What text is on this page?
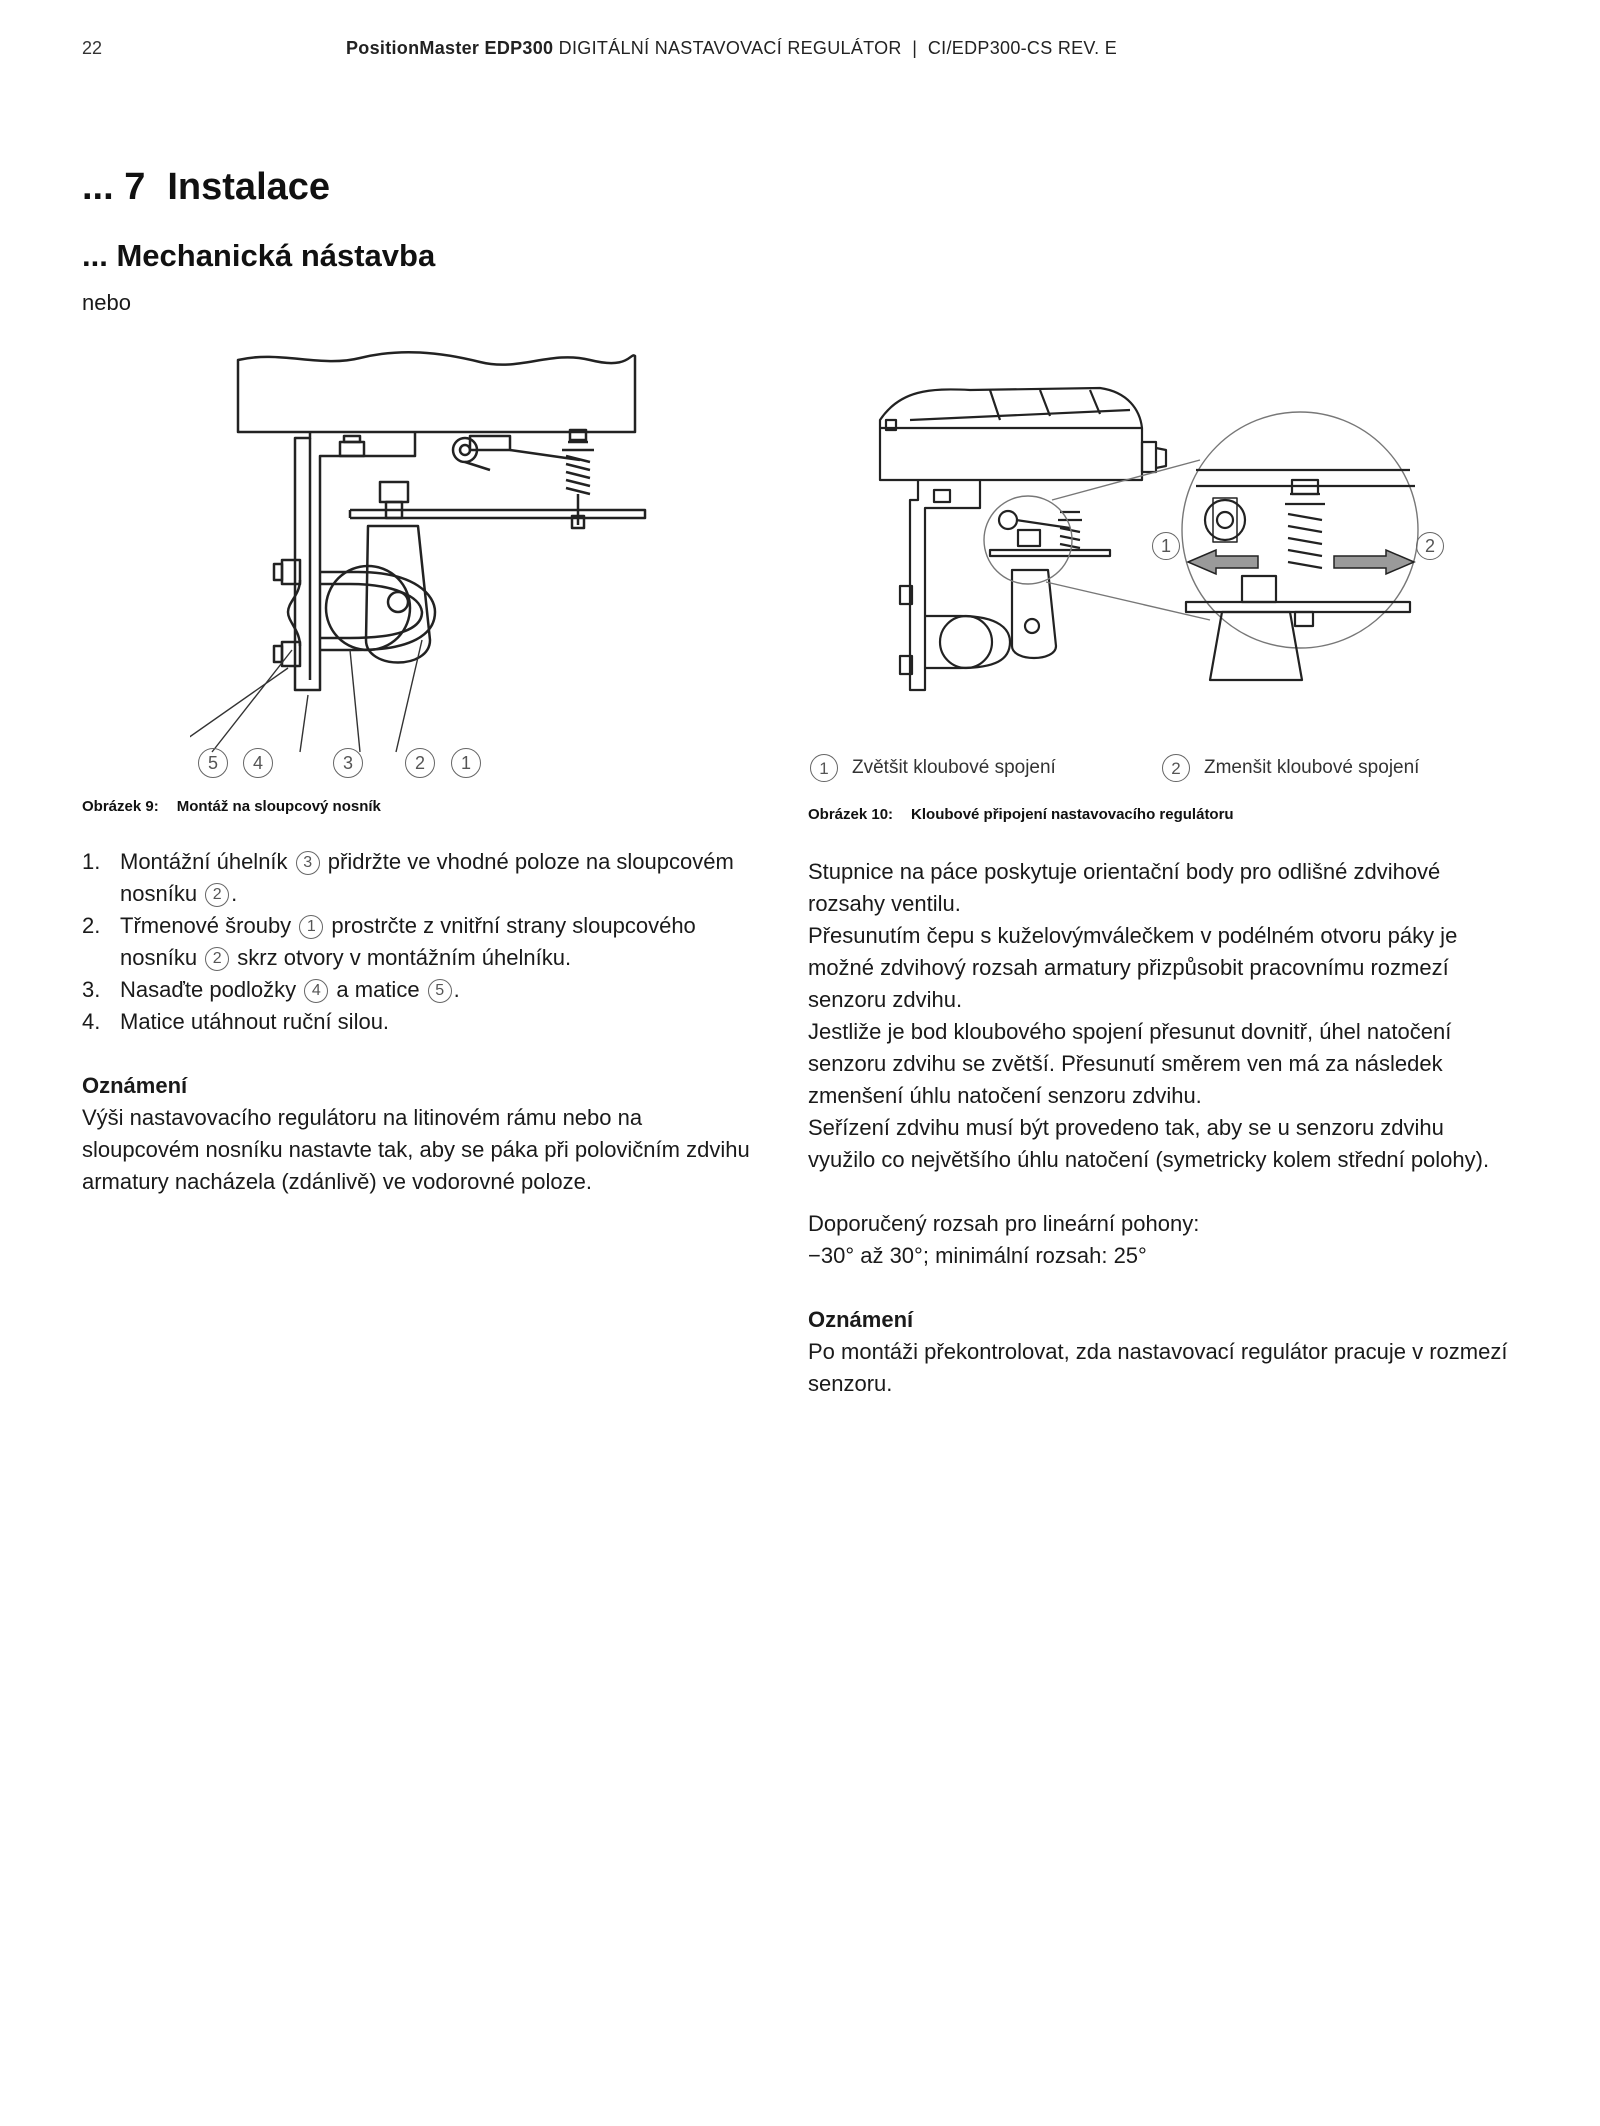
22	PositionMaster EDP300 DIGITÁLNÍ NASTAVOVACÍ REGULÁTOR  |  CI/EDP300-CS REV. E
... 7 Instalace
... Mechanická nástavba
nebo
5	4	3	2	1
Obrázek 9: Montáž na sloupcový nosník
1	2
1	Zvětšit kloubové spojení	2	Zmenšit kloubové spojení
Obrázek 10: Kloubové připojení nastavovacího regulátoru
1. Montážní úhelník 3 přidržte ve vhodné poloze na sloupcovém nosníku 2 .
2. Třmenové šrouby 1 prostrčte z vnitřní strany sloupcového nosníku 2 skrz otvory v montážním úhelníku.
3. Nasaďte podložky 4 a matice 5 .
4. Matice utáhnout ruční silou.
Oznámení
Výši nastavovacího regulátoru na litinovém rámu nebo na sloupcovém nosníku nastavte tak, aby se páka při polovičním zdvihu armatury nacházela (zdánlivě) ve vodorovné poloze.
Stupnice na páce poskytuje orientační body pro odlišné zdvihové rozsahy ventilu.
Přesunutím čepu s kuželovýmválečkem v podélném otvoru páky je možné zdvihový rozsah armatury přizpůsobit pracovnímu rozmezí senzoru zdvihu.
Jestliže je bod kloubového spojení přesunut dovnitř, úhel natočení senzoru zdvihu se zvětší. Přesunutí směrem ven má za následek zmenšení úhlu natočení senzoru zdvihu.
Seřízení zdvihu musí být provedeno tak, aby se u senzoru zdvihu využilo co největšího úhlu natočení (symetricky kolem střední polohy).
Doporučený rozsah pro lineární pohony:
−30° až 30°; minimální rozsah: 25°
Oznámení
Po montáži překontrolovat, zda nastavovací regulátor pracuje v rozmezí senzoru.
